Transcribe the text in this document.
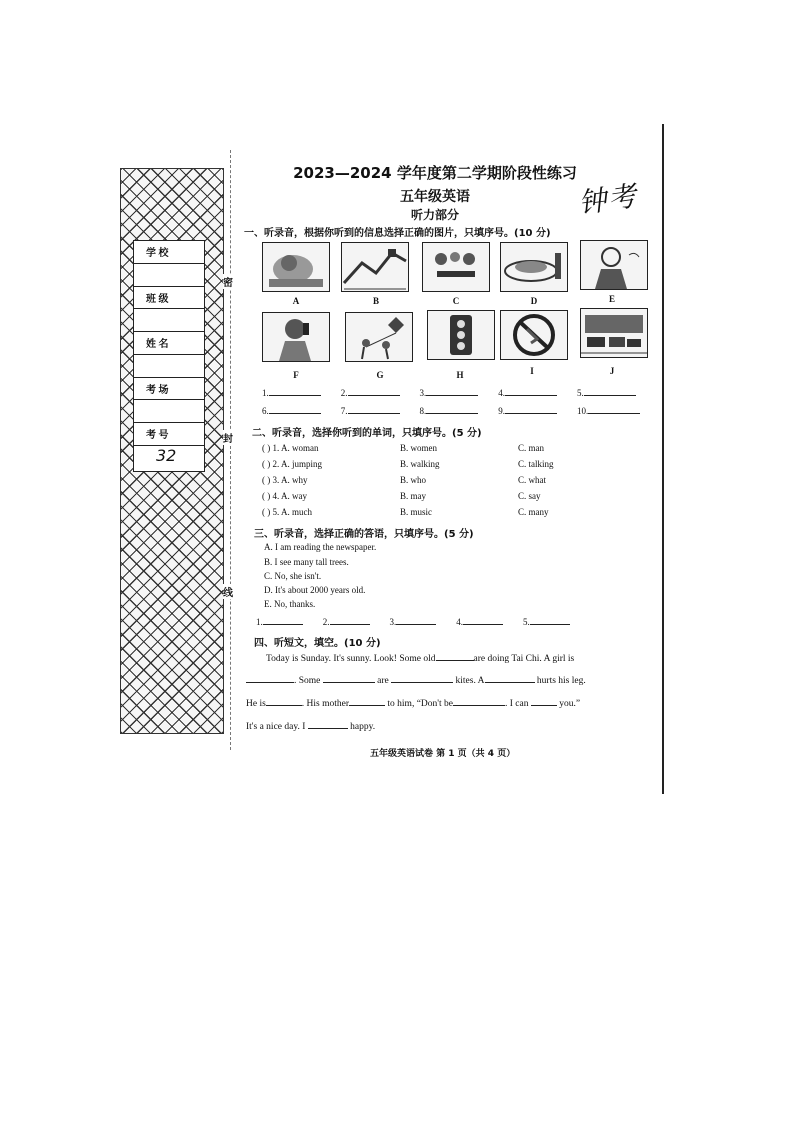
学 校
班 级
姓 名
考 场
考 号
32
密
封
线
2023—2024 学年度第二学期阶段性练习
五年级英语
听力部分	钟考
一、听录音，根据你听到的信息选择正确的图片，只填序号。(10 分)
A	B	C	D	E
F	G	H	I	J
1.	2.	3.	4.	5.
6.	7.	8.	9.	10.
二、听录音，选择你听到的单词，只填序号。(5 分)
( ) 1. A. woman	B. women	C. man
( ) 2. A. jumping	B. walking	C. talking
( ) 3. A. why	B. who	C. what
( ) 4. A. way	B. may	C. say
( ) 5. A. much	B. music	C. many
三、听录音，选择正确的答语，只填序号。(5 分)
A. I am reading the newspaper.
B. I see many tall trees.
C. No, she isn't.
D. It's about 2000 years old.
E. No, thanks.
1.	2.	3.	4.	5.
四、听短文，填空。(10 分)
Today is Sunday. It's sunny. Look! Some old	are doing Tai Chi. A girl is
. Some	are	kites. A	hurts his leg.
He is	. His mother	to him, “Don't be	. I can	you.”
It's a nice day. I	happy.
五年级英语试卷 第 1 页（共 4 页）
